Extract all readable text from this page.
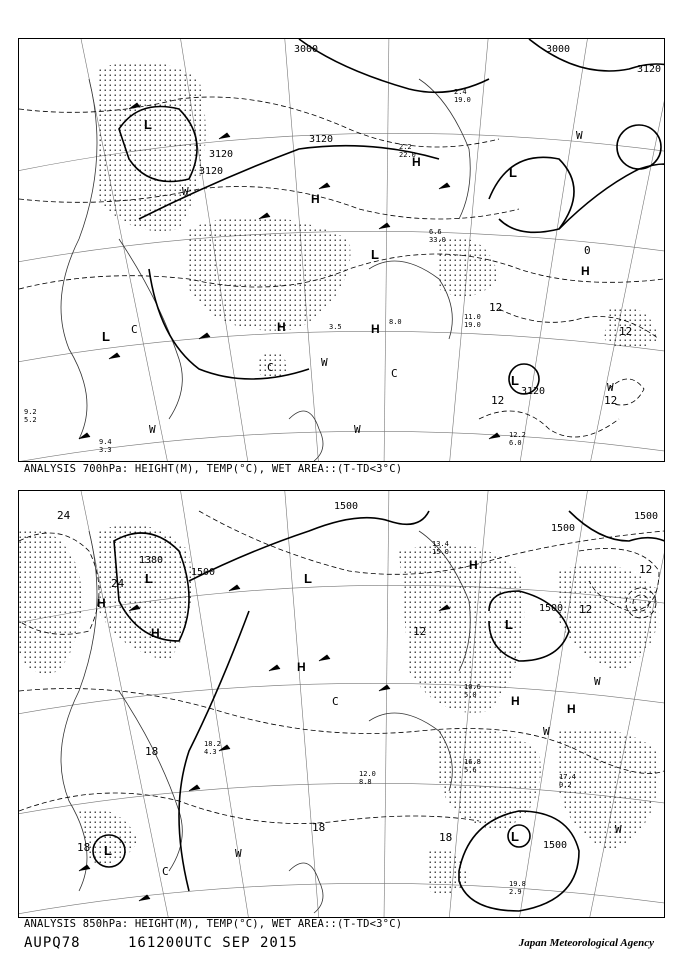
3000	3000
3120
3120
3120
3120
3120
12
12
12	12
0
L
L
L
L
L
H
H
H	H
H
C
C	C
W
W
W
W	W
W
11.0
19.0
12.2
6.0
8.0
3.5
2.4
19.0
6.6
33.0
2.2
22.0
9.4
3.3
9.2
5.2
ANALYSIS 700hPa: HEIGHT(M), TEMP(°C), WET AREA::(T-TD<3°C)
1500
1500
1500
1500
1500
1500
1380
24
24
18
18
18
18
12
12
12
L	L
L
L
L
H
H
H
H
H
H
C
C
W
W
W
W
13.4
15.0
10.6
5.0
19.8
2.9
16.8
5.6
17.4
0.2
18.2
4.3
12.0
8.8
ANALYSIS 850hPa: HEIGHT(M), TEMP(°C), WET AREA::(T-TD<3°C)
AUPQ78	161200UTC SEP 2015	Japan Meteorological Agency
